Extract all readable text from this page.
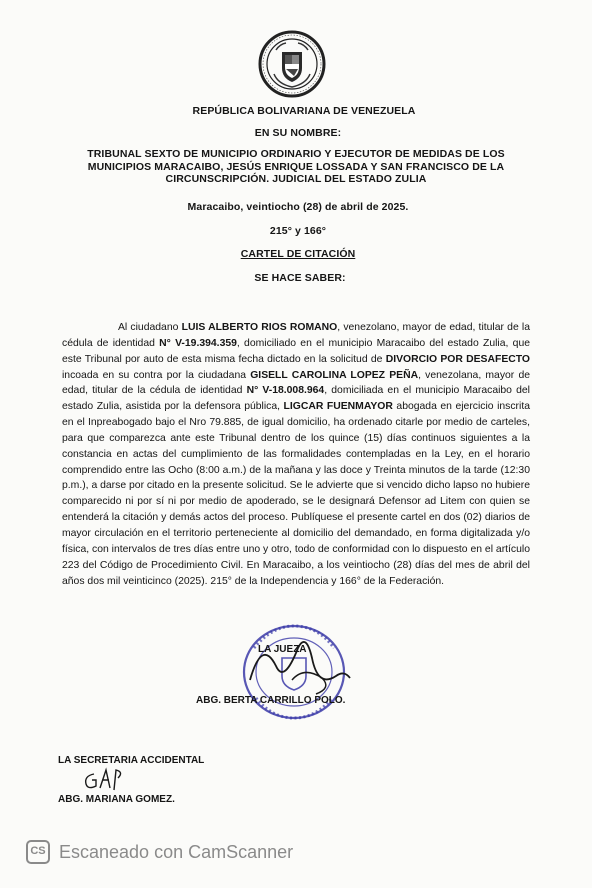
REPÚBLICA BOLIVARIANA DE VENEZUELA
EN SU NOMBRE:
TRIBUNAL SEXTO DE MUNICIPIO ORDINARIO Y EJECUTOR DE MEDIDAS DE LOS MUNICIPIOS MARACAIBO, JESÚS ENRIQUE LOSSADA Y SAN FRANCISCO DE LA CIRCUNSCRIPCIÓN. JUDICIAL DEL ESTADO ZULIA
Maracaibo, veintiocho (28) de abril de 2025.
215° y 166°
CARTEL DE CITACIÓN
SE HACE SABER:
Al ciudadano LUIS ALBERTO RIOS ROMANO, venezolano, mayor de edad, titular de la cédula de identidad N° V-19.394.359, domiciliado en el municipio Maracaibo del estado Zulia, que este Tribunal por auto de esta misma fecha dictado en la solicitud de DIVORCIO POR DESAFECTO incoada en su contra por la ciudadana GISELL CAROLINA LOPEZ PEÑA, venezolana, mayor de edad, titular de la cédula de identidad N° V-18.008.964, domiciliada en el municipio Maracaibo del estado Zulia, asistida por la defensora pública, LIGCAR FUENMAYOR abogada en ejercicio inscrita en el Inpreabogado bajo el Nro 79.885, de igual domicilio, ha ordenado citarle por medio de carteles, para que comparezca ante este Tribunal dentro de los quince (15) días continuos siguientes a la constancia en actas del cumplimiento de las formalidades contempladas en la Ley, en el horario comprendido entre las Ocho (8:00 a.m.) de la mañana y las doce y Treinta minutos de la tarde (12:30 p.m.), a darse por citado en la presente solicitud. Se le advierte que si vencido dicho lapso no hubiere comparecido ni por sí ni por medio de apoderado, se le designará Defensor ad Litem con quien se entenderá la citación y demás actos del proceso. Publíquese el presente cartel en dos (02) diarios de mayor circulación en el territorio perteneciente al domicilio del demandado, en forma digitalizada y/o física, con intervalos de tres días entre uno y otro, todo de conformidad con lo dispuesto en el artículo 223 del Código de Procedimiento Civil. En Maracaibo, a los veintiocho (28) días del mes de abril del años dos mil veinticinco (2025). 215° de la Independencia y 166° de la Federación.
LA JUEZA
ABG. BERTA CARRILLO POLO.
LA SECRETARIA ACCIDENTAL
ABG. MARIANA GOMEZ.
CS Escaneado con CamScanner
